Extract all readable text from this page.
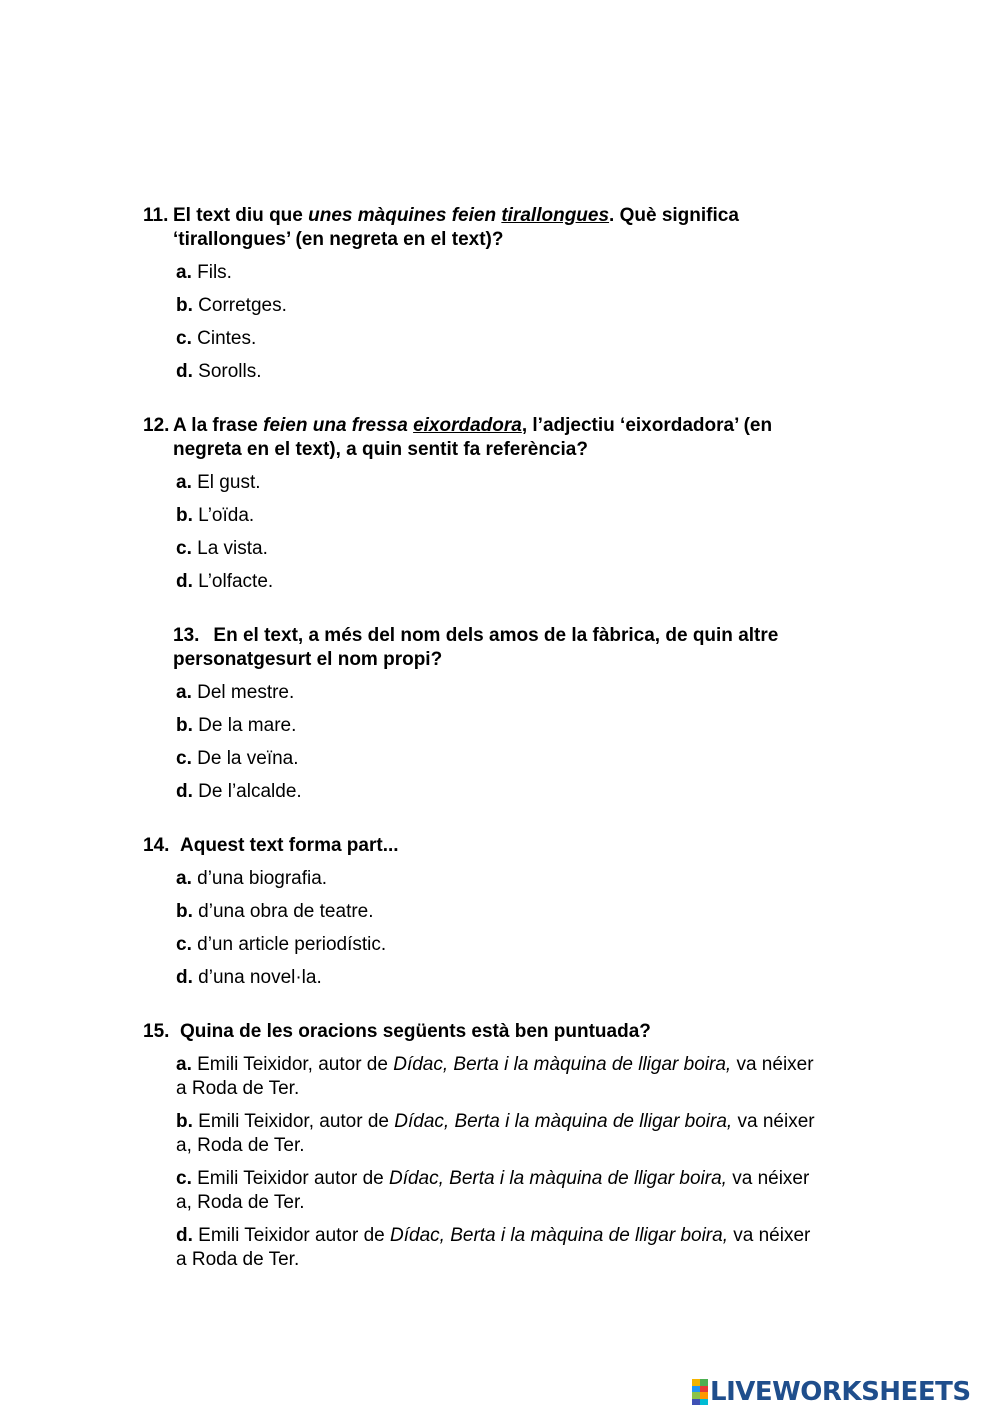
11. El text diu que unes màquines feien tirallongues. Què significa ‘tirallongues’ (en negreta en el text)?
a. Fils.
b. Corretges.
c. Cintes.
d. Sorolls.
12. A la frase feien una fressa eixordadora, l’adjectiu ‘eixordadora’ (en negreta en el text), a quin sentit fa referència?
a. El gust.
b. L’oïda.
c. La vista.
d. L’olfacte.
13. En el text, a més del nom dels amos de la fàbrica, de quin altre personatgesurt el nom propi?
a. Del mestre.
b. De la mare.
c. De la veïna.
d. De l’alcalde.
14. Aquest text forma part...
a. d’una biografia.
b. d’una obra de teatre.
c. d’un article periodístic.
d. d’una novel·la.
15. Quina de les oracions següents està ben puntuada?
a. Emili Teixidor, autor de Dídac, Berta i la màquina de lligar boira, va néixer a Roda de Ter.
b. Emili Teixidor, autor de Dídac, Berta i la màquina de lligar boira, va néixer a, Roda de Ter.
c. Emili Teixidor autor de Dídac, Berta i la màquina de lligar boira, va néixer a, Roda de Ter.
d. Emili Teixidor autor de Dídac, Berta i la màquina de lligar boira, va néixer a Roda de Ter.
LIVEWORKSHEETS
